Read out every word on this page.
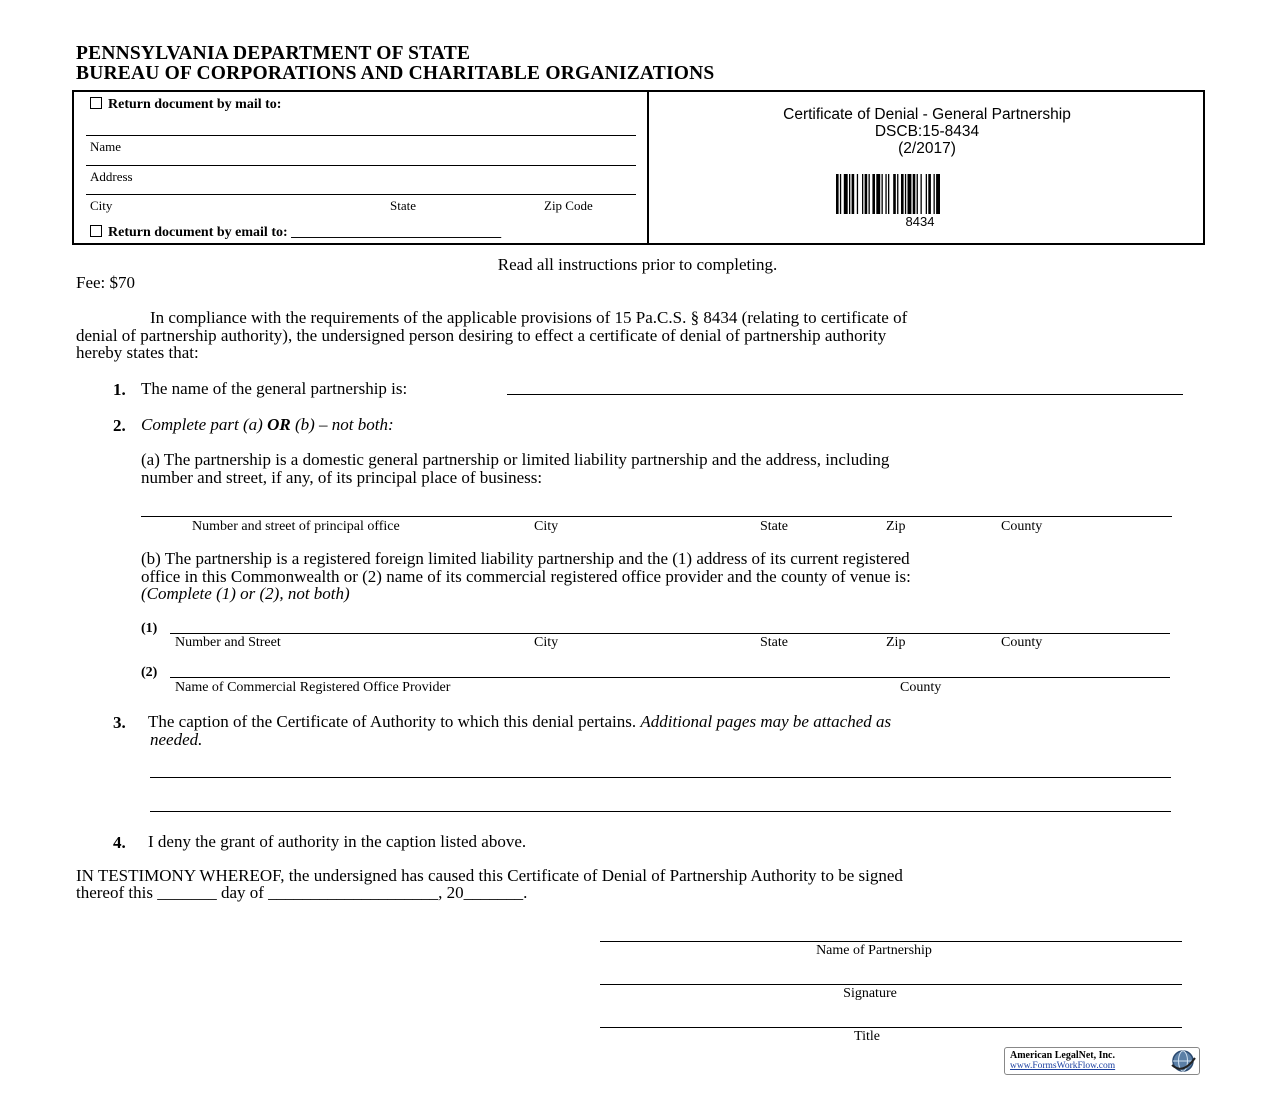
PENNSYLVANIA DEPARTMENT OF STATE
BUREAU OF CORPORATIONS AND CHARITABLE ORGANIZATIONS
Return document by mail to:
Name
Address
City	State	Zip Code
Return document by email to: ______________________________
Certificate of Denial - General Partnership
DSCB:15-8434
(2/2017)
8434
Read all instructions prior to completing.
Fee: $70
In compliance with the requirements of the applicable provisions of 15 Pa.C.S. § 8434 (relating to certificate of
denial of partnership authority), the undersigned person desiring to effect a certificate of denial of partnership authority
hereby states that:
1. The name of the general partnership is:
2. Complete part (a) OR (b) – not both:
(a) The partnership is a domestic general partnership or limited liability partnership and the address, including
number and street, if any, of its principal place of business:
Number and street of principal office	City	State	Zip	County
(b) The partnership is a registered foreign limited liability partnership and the (1) address of its current registered
office in this Commonwealth or (2) name of its commercial registered office provider and the county of venue is:
(Complete (1) or (2), not both)
(1)
Number and Street	City	State	Zip	County
(2)
Name of Commercial Registered Office Provider	County
3. The caption of the Certificate of Authority to which this denial pertains. Additional pages may be attached as
needed.
4. I deny the grant of authority in the caption listed above.
IN TESTIMONY WHEREOF, the undersigned has caused this Certificate of Denial of Partnership Authority to be signed
thereof this _______ day of ____________________, 20_______.
Name of Partnership
Signature
Title
American LegalNet, Inc.
www.FormsWorkFlow.com
